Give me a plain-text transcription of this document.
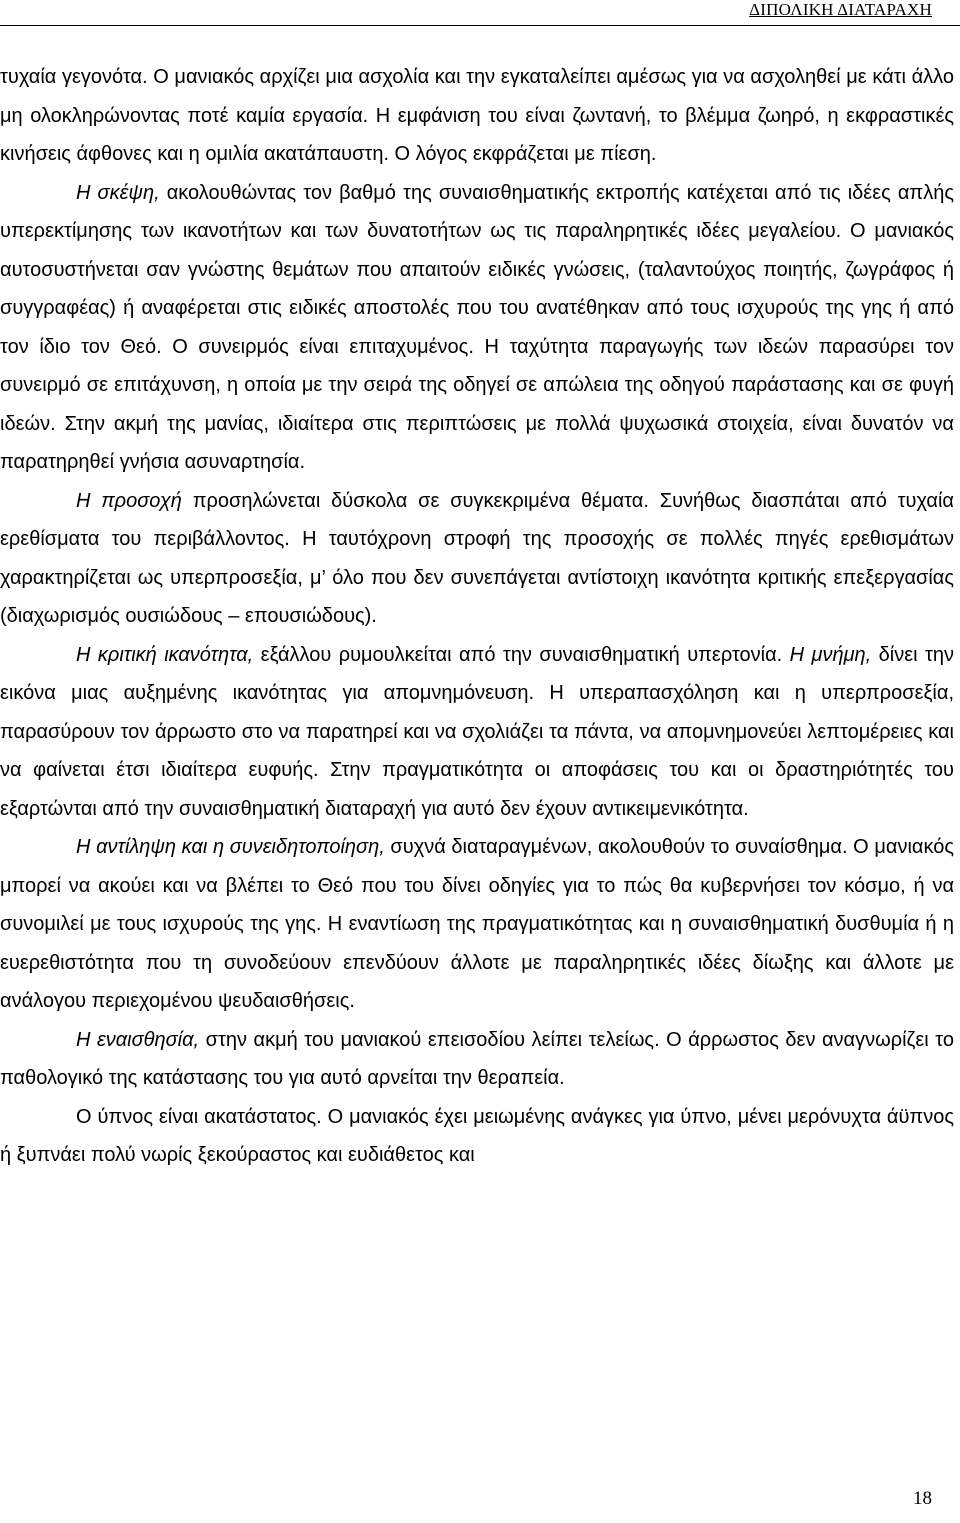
ΔΙΠΟΛΙΚΗ ΔΙΑΤΑΡΑΧΗ

τυχαία γεγονότα. Ο μανιακός αρχίζει μια ασχολία και την εγκαταλείπει αμέσως για να ασχοληθεί με κάτι άλλο μη ολοκληρώνοντας ποτέ καμία εργασία. Η εμφάνιση του είναι ζωντανή, το βλέμμα ζωηρό, η εκφραστικές κινήσεις άφθονες και η ομιλία ακατάπαυστη. Ο λόγος εκφράζεται με πίεση.

Η σκέψη, ακολουθώντας τον βαθμό της συναισθηματικής εκτροπής κατέχεται από τις ιδέες απλής υπερεκτίμησης των ικανοτήτων και των δυνατοτήτων ως τις παραληρητικές ιδέες μεγαλείου. Ο μανιακός αυτοσυστήνεται σαν γνώστης θεμάτων που απαιτούν ειδικές γνώσεις, (ταλαντούχος ποιητής, ζωγράφος ή συγγραφέας) ή αναφέρεται στις ειδικές αποστολές που του ανατέθηκαν από τους ισχυρούς της γης ή από τον ίδιο τον Θεό. Ο συνειρμός είναι επιταχυμένος. Η ταχύτητα παραγωγής των ιδεών παρασύρει τον συνειρμό σε επιτάχυνση, η οποία με την σειρά της οδηγεί σε απώλεια της οδηγού παράστασης και σε φυγή ιδεών. Στην ακμή της μανίας, ιδιαίτερα στις περιπτώσεις με πολλά ψυχωσικά στοιχεία, είναι δυνατόν να παρατηρηθεί γνήσια ασυναρτησία.

Η προσοχή προσηλώνεται δύσκολα σε συγκεκριμένα θέματα. Συνήθως διασπάται από τυχαία ερεθίσματα του περιβάλλοντος. Η ταυτόχρονη στροφή της προσοχής σε πολλές πηγές ερεθισμάτων χαρακτηρίζεται ως υπερπροσεξία, μ’ όλο που δεν συνεπάγεται αντίστοιχη ικανότητα κριτικής επεξεργασίας (διαχωρισμός ουσιώδους – επουσιώδους).

Η κριτική ικανότητα, εξάλλου ρυμουλκείται από την συναισθηματική υπερτονία. Η μνήμη, δίνει την εικόνα μιας αυξημένης ικανότητας για απομνημόνευση. Η υπεραπασχόληση και η υπερπροσεξία, παρασύρουν τον άρρωστο στο να παρατηρεί και να σχολιάζει τα πάντα, να απομνημονεύει λεπτομέρειες και να φαίνεται έτσι ιδιαίτερα ευφυής. Στην πραγματικότητα οι αποφάσεις του και οι δραστηριότητές του εξαρτώνται από την συναισθηματική διαταραχή για αυτό δεν έχουν αντικειμενικότητα.

Η αντίληψη και η συνειδητοποίηση, συχνά διαταραγμένων, ακολουθούν το συναίσθημα. Ο μανιακός μπορεί να ακούει και να βλέπει το Θεό που του δίνει οδηγίες για το πώς θα κυβερνήσει τον κόσμο, ή να συνομιλεί με τους ισχυρούς της γης. Η εναντίωση της πραγματικότητας και η συναισθηματική δυσθυμία ή η ευερεθιστότητα που τη συνοδεύουν επενδύουν άλλοτε με παραληρητικές ιδέες δίωξης και άλλοτε με ανάλογου περιεχομένου ψευδαισθήσεις.

Η εναισθησία, στην ακμή του μανιακού επεισοδίου λείπει τελείως. Ο άρρωστος δεν αναγνωρίζει το παθολογικό της κατάστασης του για αυτό αρνείται την θεραπεία.

Ο ύπνος είναι ακατάστατος. Ο μανιακός έχει μειωμένης ανάγκες για ύπνο, μένει μερόνυχτα άϋπνος ή ξυπνάει πολύ νωρίς ξεκούραστος και ευδιάθετος και

18
